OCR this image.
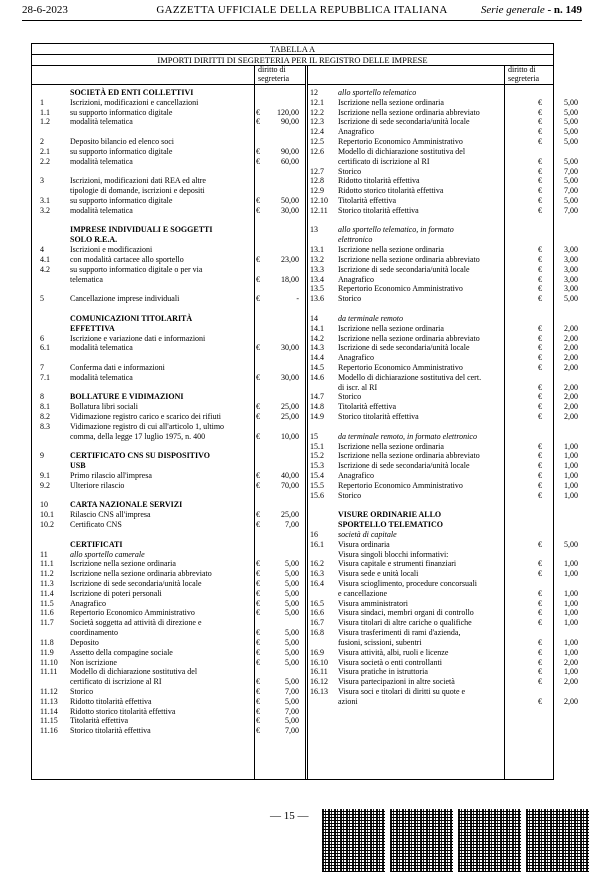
28-6-2023	GAZZETTA UFFICIALE DELLA REPUBBLICA ITALIANA	Serie generale - n. 149
TABELLA A
IMPORTI DIRITTI DI SEGRETERIA PER IL REGISTRO DELLE IMPRESE
diritto di
segreteria
diritto di
segreteria
SOCIETÀ ED ENTI COLLETTIVI
1	Iscrizioni, modificazioni e cancellazioni
1.1	su supporto informatico digitale	€	120,00
1.2	modalità telematica	€	90,00
2	Deposito bilancio ed elenco soci
2.1	su supporto informatico digitale	€	90,00
2.2	modalità telematica	€	60,00
3	Iscrizioni, modificazioni dati REA ed altre
tipologie di domande, iscrizioni e depositi
3.1	su supporto informatico digitale	€	50,00
3.2	modalità telematica	€	30,00
IMPRESE INDIVIDUALI E SOGGETTI
SOLO R.E.A.
4	Iscrizioni e modificazioni
4.1	con modalità cartacee allo sportello	€	23,00
4.2	su supporto informatico digitale o per via
telematica	€	18,00
5	Cancellazione imprese individuali	€	-
COMUNICAZIONI TITOLARITÀ
EFFETTIVA
6	Iscrizione e variazione dati e informazioni
6.1	modalità telematica	€	30,00
7	Conferma dati e informazioni
7.1	modalità telematica	€	30,00
8	BOLLATURE E VIDIMAZIONI
8.1	Bollatura libri sociali	€	25,00
8.2	Vidimazione registro carico e scarico dei rifiuti	€	25,00
8.3	Vidimazione registro di cui all'articolo 1, ultimo
comma, della legge 17 luglio 1975, n. 400	€	10,00
9	CERTIFICATO CNS SU DISPOSITIVO
USB
9.1	Primo rilascio all'impresa	€	40,00
9.2	Ulteriore rilascio	€	70,00
10	CARTA NAZIONALE SERVIZI
10.1 Rilascio CNS all'impresa	€	25,00
10.2 Certificato CNS	€	7,00
CERTIFICATI
11	allo sportello camerale
11.1 Iscrizione nella sezione ordinaria	€	5,00
11.2 Iscrizione nella sezione ordinaria abbreviato	€	5,00
11.3 Iscrizione di sede secondaria/unità locale	€	5,00
11.4 Iscrizione di poteri personali	€	5,00
11.5 Anagrafico	€	5,00
11.6 Repertorio Economico Amministrativo	€	5,00
11.7 Società soggetta ad attività di direzione e
coordinamento	€	5,00
11.8 Deposito	€	5,00
11.9 Assetto della compagine sociale	€	5,00
11.10 Non iscrizione	€	5,00
11.11 Modello di dichiarazione sostitutiva del
certificato di iscrizione al RI	€	5,00
11.12 Storico	€	7,00
11.13 Ridotto titolarità effettiva	€	5,00
11.14 Ridotto storico titolarità effettiva	€	7,00
11.15 Titolarità effettiva	€	5,00
11.16 Storico titolarità effettiva	€	7,00
12	allo sportello telematico
12.1 Iscrizione nella sezione ordinaria	€	5,00
12.2 Iscrizione nella sezione ordinaria abbreviato	€	5,00
12.3 Iscrizione di sede secondaria/unità locale	€	5,00
12.4 Anagrafico	€	5,00
12.5 Repertorio Economico Amministrativo	€	5,00
12.6 Modello di dichiarazione sostitutiva del
certificato di iscrizione al RI	€	5,00
12.7 Storico	€	7,00
12.8 Ridotto titolarità effettiva	€	5,00
12.9 Ridotto storico titolarità effettiva	€	7,00
12.10 Titolarità effettiva	€	5,00
12.11 Storico titolarità effettiva	€	7,00
13	allo sportello telematico, in formato
elettronico
13.1 Iscrizione nella sezione ordinaria	€	3,00
13.2 Iscrizione nella sezione ordinaria abbreviato	€	3,00
13.3 Iscrizione di sede secondaria/unità locale	€	3,00
13.4 Anagrafico	€	3,00
13.5 Repertorio Economico Amministrativo	€	3,00
13.6 Storico	€	5,00
14	da terminale remoto
14.1 Iscrizione nella sezione ordinaria	€	2,00
14.2 Iscrizione nella sezione ordinaria abbreviato	€	2,00
14.3 Iscrizione di sede secondaria/unità locale	€	2,00
14.4 Anagrafico	€	2,00
14.5 Repertorio Economico Amministrativo	€	2,00
14.6 Modello di dichiarazione sostitutiva del cert.
di iscr. al RI	€	2,00
14.7 Storico	€	2,00
14.8 Titolarità effettiva	€	2,00
14.9 Storico titolarità effettiva	€	2,00
15	da terminale remoto, in formato elettronico
15.1 Iscrizione nella sezione ordinaria	€	1,00
15.2 Iscrizione nella sezione ordinaria abbreviato	€	1,00
15.3 Iscrizione di sede secondaria/unità locale	€	1,00
15.4 Anagrafico	€	1,00
15.5 Repertorio Economico Amministrativo	€	1,00
15.6 Storico	€	1,00
VISURE ORDINARIE ALLO
SPORTELLO TELEMATICO
16	società di capitale
16.1 Visura ordinaria	€	5,00
Visura singoli blocchi informativi:
16.2 Visura capitale e strumenti finanziari	€	1,00
16.3 Visura sede e unità locali	€	1,00
16.4 Visura scioglimento, procedure concorsuali
e cancellazione	€	1,00
16.5 Visura amministratori	€	1,00
16.6 Visura sindaci, membri organi di controllo	€	1,00
16.7 Visura titolari di altre cariche o qualifiche	€	1,00
16.8 Visura trasferimenti di rami d'azienda,
fusioni, scissioni, subentri	€	1,00
16.9 Visura attività, albi, ruoli e licenze	€	1,00
16.10 Visura società o enti controllanti	€	2,00
16.11 Visura pratiche in istruttoria	€	1,00
16.12 Visura partecipazioni in altre società	€	2,00
16.13 Visura soci e titolari di diritti su quote e
azioni	€	2,00
— 15 —
